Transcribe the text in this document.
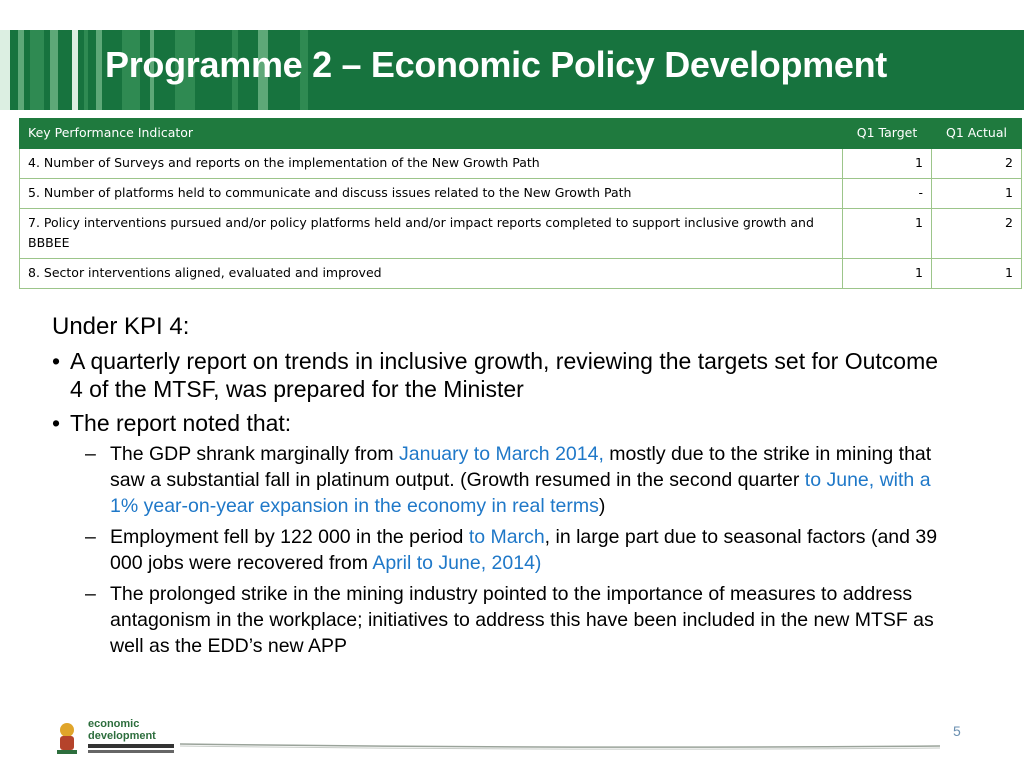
Programme 2 – Economic Policy Development
Key Performance Indicator	Q1 Target	Q1 Actual
4. Number of Surveys and reports on the implementation of the New Growth Path	1	2
5. Number of platforms held to communicate and discuss issues related to the New Growth Path	-	1
7. Policy interventions pursued and/or policy platforms held and/or impact reports completed to support inclusive growth and BBBEE	1	2
8. Sector interventions aligned, evaluated and improved	1	1

Under KPI 4:

• A quarterly report on trends in inclusive growth, reviewing the targets set for Outcome 4 of the MTSF, was prepared for the Minister
• The report noted that:
– The GDP shrank marginally from January to March 2014, mostly due to the strike in mining that saw a substantial fall in platinum output. (Growth resumed in the second quarter to June, with a 1% year-on-year expansion in the economy in real terms)
– Employment fell by 122 000 in the period to March, in large part due to seasonal factors (and 39 000 jobs were recovered from April to June, 2014)
– The prolonged strike in the mining industry pointed to the importance of measures to address antagonism in the workplace; initiatives to address this have been included in the new MTSF as well as the EDD’s new APP
economic
development	5
